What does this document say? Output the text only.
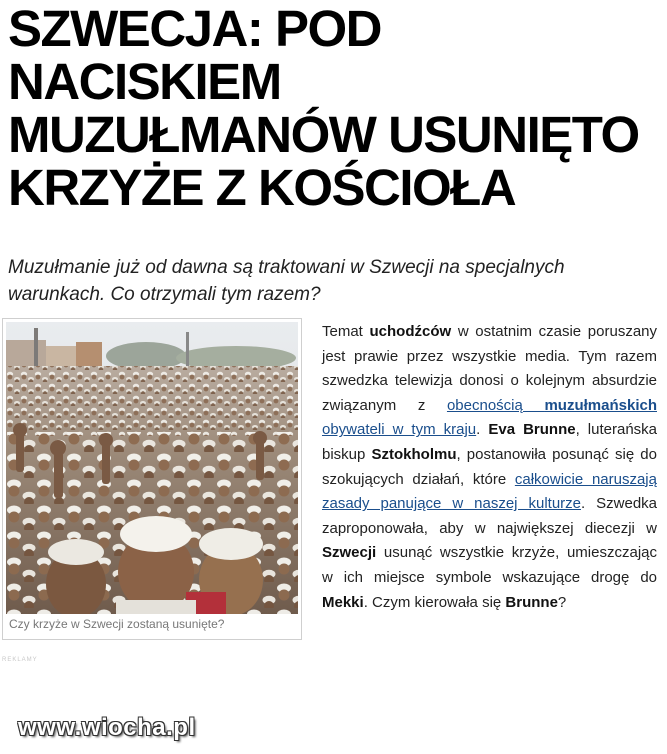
SZWECJA: POD
NACISKIEM
MUZUŁMANÓW USUNIĘTO
KRZYŻE Z KOŚCIOŁA

Muzułmanie już od dawna są traktowani w Szwecji na specjalnych warunkach. Co otrzymali tym razem?

Czy krzyże w Szwecji zostaną usunięte?
REKLAMY
Temat uchodźców w ostatnim czasie poruszany jest prawie przez wszystkie media. Tym razem szwedzka telewizja donosi o kolejnym absurdzie związanym z obecnością muzułmańskich obywateli w tym kraju. Eva Brunne, luterańska biskup Sztokholmu, postanowiła posunąć się do szokujących działań, które całkowicie naruszają zasady panujące w naszej kulturze. Szwedka zaproponowała, aby w największej diecezji w Szwecji usunąć wszystkie krzyże, umieszczając w ich miejsce symbole wskazujące drogę do Mekki. Czym kierowała się Brunne?
www.wiocha.pl
